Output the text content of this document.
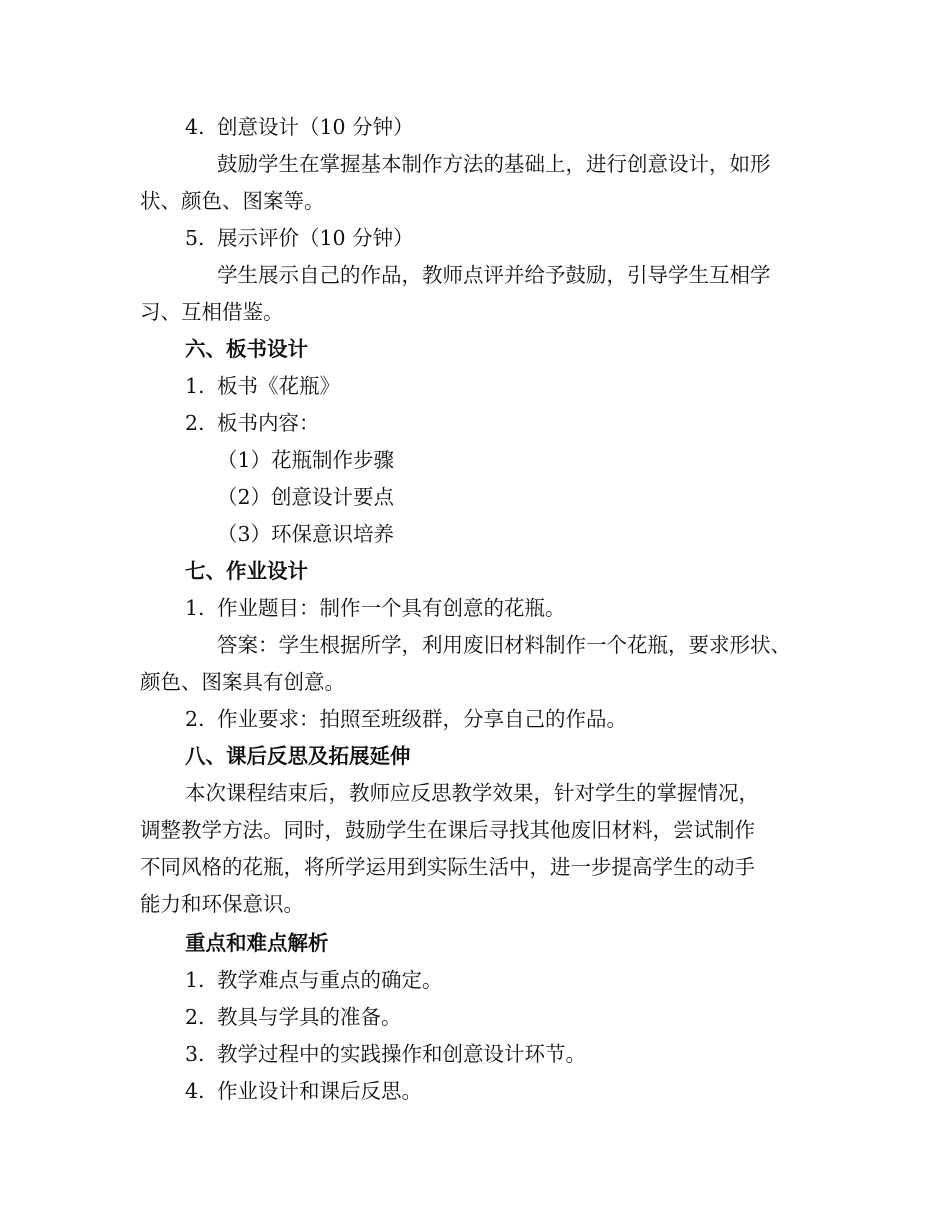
4. 创意设计（10 分钟）
鼓励学生在掌握基本制作方法的基础上，进行创意设计，如形
状、颜色、图案等。
5. 展示评价（10 分钟）
学生展示自己的作品，教师点评并给予鼓励，引导学生互相学
习、互相借鉴。
六、板书设计
1. 板书《花瓶》
2. 板书内容：
（1）花瓶制作步骤
（2）创意设计要点
（3）环保意识培养
七、作业设计
1. 作业题目：制作一个具有创意的花瓶。
答案：学生根据所学，利用废旧材料制作一个花瓶，要求形状、
颜色、图案具有创意。
2. 作业要求：拍照至班级群，分享自己的作品。
八、课后反思及拓展延伸
本次课程结束后，教师应反思教学效果，针对学生的掌握情况，
调整教学方法。同时，鼓励学生在课后寻找其他废旧材料，尝试制作
不同风格的花瓶，将所学运用到实际生活中，进一步提高学生的动手
能力和环保意识。
重点和难点解析
1. 教学难点与重点的确定。
2. 教具与学具的准备。
3. 教学过程中的实践操作和创意设计环节。
4. 作业设计和课后反思。
